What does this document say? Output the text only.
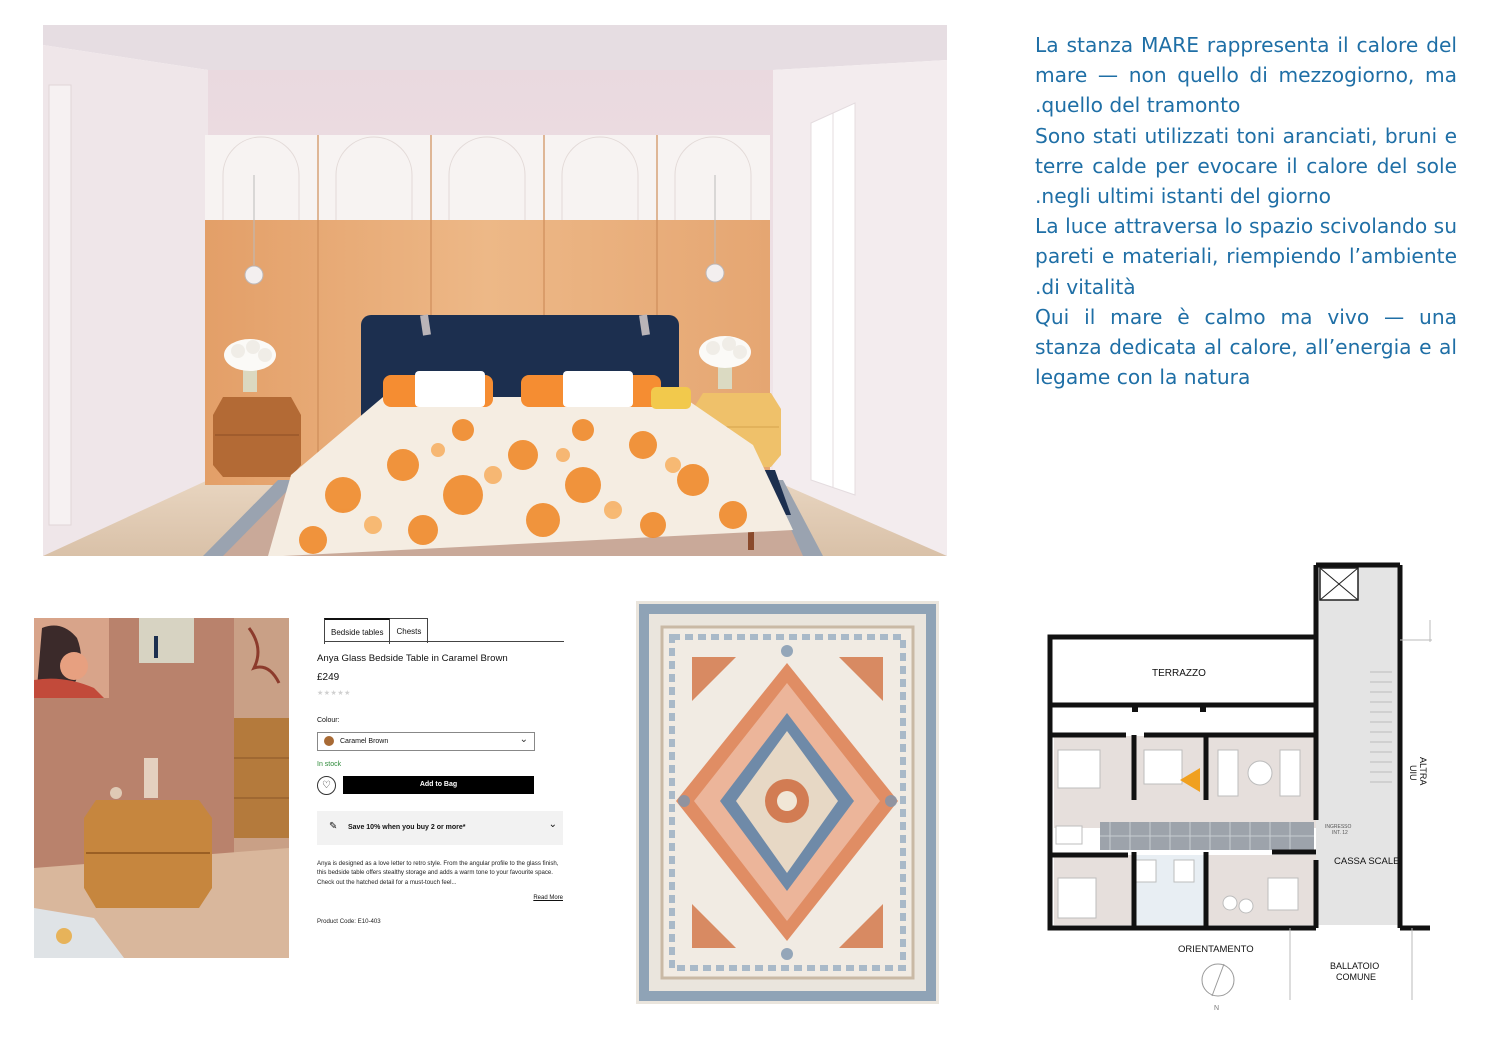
La stanza MARE rappresenta il calore del mare — non quello di mezzogiorno, ma .quello del tramonto

Sono stati utilizzati toni aranciati, bruni e terre calde per evocare il calore del sole .negli ultimi istanti del giorno

La luce attraversa lo spazio scivolando su pareti e materiali, riempiendo l’ambiente .di vitalità

Qui il mare è calmo ma vivo — una stanza dedicata al calore, all’energia e al legame con la natura

Bedside tables	Chests
Anya Glass Bedside Table in Caramel Brown
£249
★★★★★
Colour:
Caramel Brown	⌄
In stock
♡	Add to Bag
✎ Save 10% when you buy 2 or more*	⌄
Anya is designed as a love letter to retro style. From the angular profile to the glass finish, this bedside table offers stealthy storage and adds a warm tone to your favourite space. Check out the hatched detail for a must-touch feel...
Read More
Product Code: E10-403
TERRAZZO
CASSA SCALE
INGRESSO
INT. 12
ORIENTAMENTO
BALLATOIO
COMUNE
ALTRA
UIU
N
